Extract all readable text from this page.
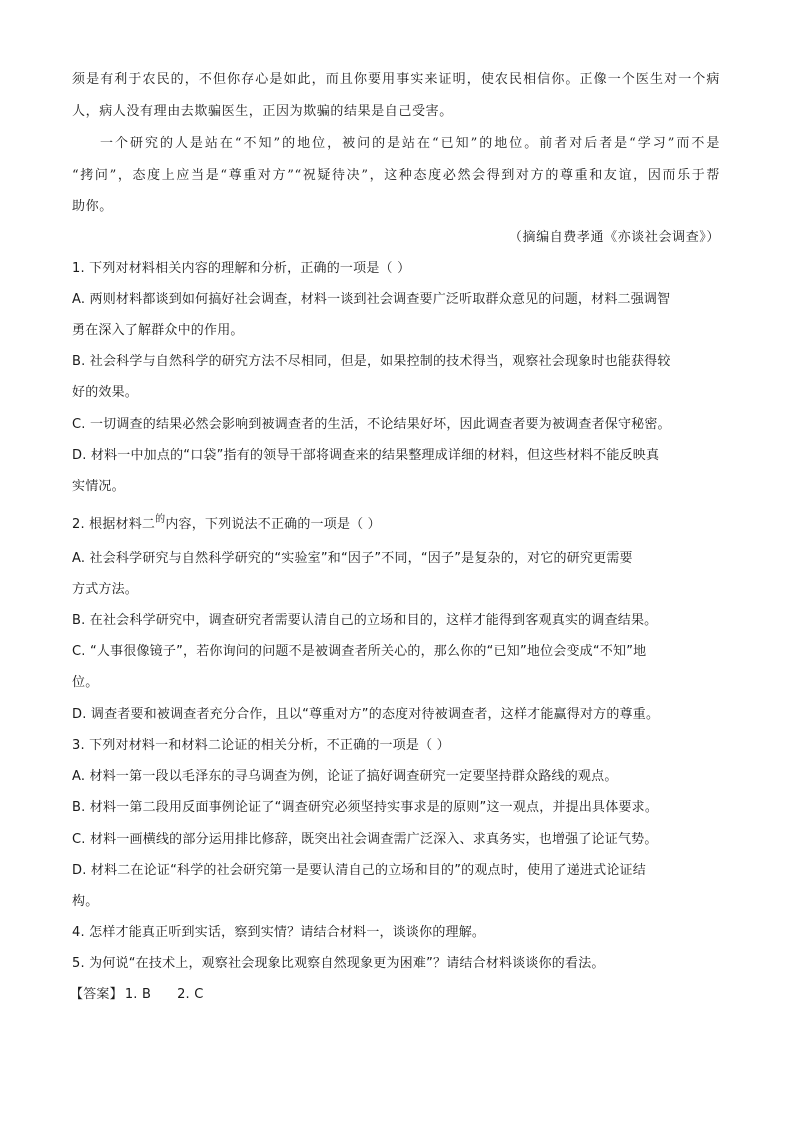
须是有利于农民的，不但你存心是如此，而且你要用事实来证明，使农民相信你。正像一个医生对一个病
人，病人没有理由去欺骗医生，正因为欺骗的结果是自己受害。
一个研究的人是站在“不知”的地位，被问的是站在“已知”的地位。前者对后者是“学习”而不是
“拷问”，态度上应当是“尊重对方”“祝疑待决”，这种态度必然会得到对方的尊重和友谊，因而乐于帮
助你。
（摘编自费孝通《亦谈社会调查》）
1. 下列对材料相关内容的理解和分析，正确的一项是（ ）
A. 两则材料都谈到如何搞好社会调查，材料一谈到社会调查要广泛听取群众意见的问题，材料二强调智
勇在深入了解群众中的作用。
B. 社会科学与自然科学的研究方法不尽相同，但是，如果控制的技术得当，观察社会现象时也能获得较
好的效果。
C. 一切调查的结果必然会影响到被调查者的生活，不论结果好坏，因此调查者要为被调查者保守秘密。
D. 材料一中加点的“口袋”指有的领导干部将调查来的结果整理成详细的材料，但这些材料不能反映真
实情况。
2. 根据材料二$^的$内容，下列说法不正确的一项是（ ）
A. 社会科学研究与自然科学研究的“实验室”和“因子”不同，“因子”是复杂的，对它的研究更需要
方式方法。
B. 在社会科学研究中，调查研究者需要认清自己的立场和目的，这样才能得到客观真实的调查结果。
C. “人事很像镜子”，若你询问的问题不是被调查者所关心的，那么你的“已知”地位会变成“不知”地
位。
D. 调查者要和被调查者充分合作，且以“尊重对方”的态度对待被调查者，这样才能赢得对方的尊重。
3. 下列对材料一和材料二论证的相关分析，不正确的一项是（ ）
A. 材料一第一段以毛泽东的寻乌调查为例，论证了搞好调查研究一定要坚持群众路线的观点。
B. 材料一第二段用反面事例论证了“调查研究必须坚持实事求是的原则”这一观点，并提出具体要求。
C. 材料一画横线的部分运用排比修辞，既突出社会调查需广泛深入、求真务实，也增强了论证气势。
D. 材料二在论证“科学的社会研究第一是要认清自己的立场和目的”的观点时，使用了递进式论证结
构。
4. 怎样才能真正听到实话，察到实情？请结合材料一，谈谈你的理解。
5. 为何说“在技术上，观察社会现象比观察自然现象更为困难”？请结合材料谈谈你的看法。
【答案】 1. B 2. C
